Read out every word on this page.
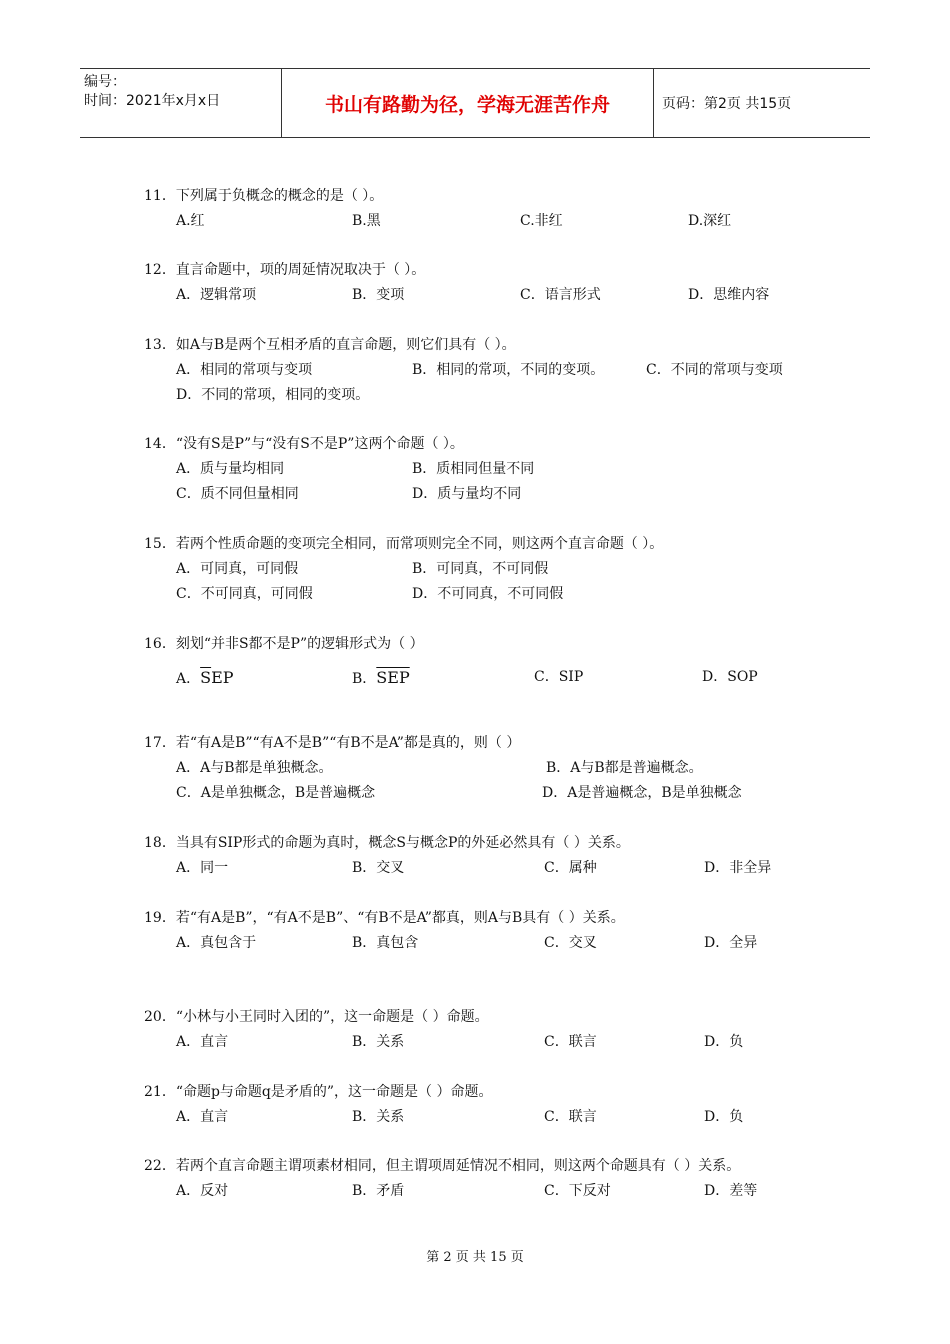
编号：
时间：2021年x月x日	书山有路勤为径，学海无涯苦作舟	页码：第2页 共15页
11．下列属于负概念的概念的是（ ）。
A.红	B.黑	C.非红	D.深红
12．直言命题中，项的周延情况取决于（ ）。
A．逻辑常项	B．变项	C．语言形式	D．思维内容
13．如A与B是两个互相矛盾的直言命题，则它们具有（ ）。
A．相同的常项与变项	B．相同的常项，不同的变项。	C．不同的常项与变项
D．不同的常项，相同的变项。
14．“没有S是P”与“没有S不是P”这两个命题（ ）。
A．质与量均相同	B．质相同但量不同
C．质不同但量相同	D．质与量均不同
15．若两个性质命题的变项完全相同，而常项则完全不同，则这两个直言命题（ ）。
A．可同真，可同假	B．可同真，不可同假
C．不可同真，可同假	D．不可同真，不可同假
16．刻划“并非S都不是P”的逻辑形式为（ ）
A．$\overline{S}EP$	B．$\overline{SEP}$	C．SIP	D．SOP
17．若“有A是B”“有A不是B”“有B不是A”都是真的，则（ ）
A．A与B都是单独概念。	B．A与B都是普遍概念。
C．A是单独概念，B是普遍概念	D．A是普遍概念，B是单独概念
18．当具有SIP形式的命题为真时，概念S与概念P的外延必然具有（ ）关系。
A．同一	B．交叉	C．属种	D．非全异
19．若“有A是B”，“有A不是B”、“有B不是A”都真，则A与B具有（ ）关系。
A．真包含于	B．真包含	C．交叉	D．全异
20．“小林与小王同时入团的”，这一命题是（ ）命题。
A．直言	B．关系	C．联言	D．负
21．“命题p与命题q是矛盾的”，这一命题是（ ）命题。
A．直言	B．关系	C．联言	D．负
22．若两个直言命题主谓项素材相同，但主谓项周延情况不相同，则这两个命题具有（ ）关系。
A．反对	B．矛盾	C．下反对	D．差等
第 2 页 共 15 页
